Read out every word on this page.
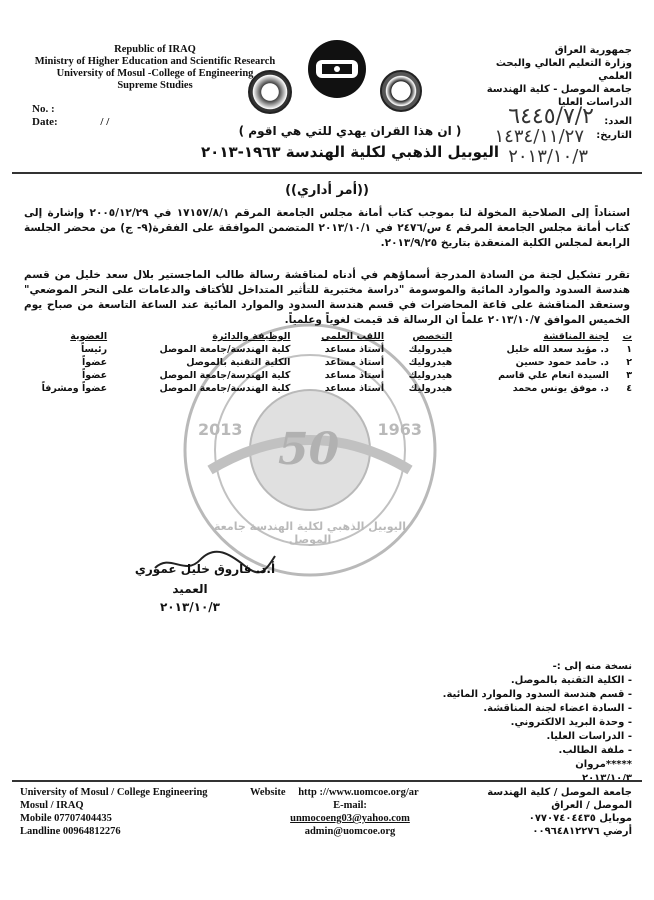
Republic of IRAQ
Ministry of Higher Education and Scientific Research
University of Mosul -College of Engineering
Supreme Studies
جمهورية العراق
وزارة التعليم العالي والبحث العلمي
جامعة الموصل - كلية الهندسة
الدراسات العليا
No. :
Date:	/ /	العدد:
التاريخ:
٦٤٤٥/٧/٢
١٤٣٤/١١/٢٧
٢٠١٣/١٠/٣
( ان هذا القران يهدي للتي هي اقوم )
اليوبيل الذهبي لكلية الهندسة ١٩٦٣-٢٠١٣
((أمر أداري))
2013	1963
50
اليوبيل الذهبي لكلية الهندسة جامعة الموصل
استناداً إلى الصلاحية المخولة لنا بموجب كتاب أمانة مجلس الجامعة المرقم ١٧١٥٧/٨/١ في ٢٠٠٥/١٢/٢٩ وإشارة إلى كتاب أمانة مجلس الجامعة المرقم ٤ س/٢٤٧٦ في ٢٠١٣/١٠/١ المتضمن الموافقة على الفقرة(٩- ج) من محضر الجلسة الرابعة لمجلس الكلية المنعقدة بتاريخ ٢٠١٣/٩/٢٥.
تقرر تشكيل لجنة من السادة المدرجة أسماؤهم في أدناه لمناقشة رسالة طالب الماجستير بلال سعد خليل من قسم هندسة السدود والموارد المائية والموسومة "دراسة مختبرية للتأثير المتداخل للأكتاف والدعامات على النحر الموضعي" وستعقد المناقشة على قاعة المحاضرات في قسم هندسة السدود والموارد المائية عند الساعة التاسعة من صباح يوم الخميس الموافق ٢٠١٣/١٠/٧ علماً ان الرسالة قد قيمت لغوياً وعلمياً.
ت	لجنة المناقشة	التخصص	اللقب العلمي	الوظيفة والدائرة	العضوية
١	د. مؤيد سعد الله خليل	هيدروليك	أستاذ مساعد	كلية الهندسة/جامعة الموصل	رئيساً
٢	د. حامد حمود حسين	هيدروليك	أستاذ مساعد	الكلية التقنية بالموصل	عضواً
٣	السيدة انعام علي قاسم	هيدروليك	أستاذ مساعد	كلية الهندسة/جامعة الموصل	عضواً
٤	د. موفق يونس محمد	هيدروليك	أستاذ مساعد	كلية الهندسة/جامعة الموصل	عضواً ومشرفاً
أ.د. فاروق خليل عموري
العميد
٢٠١٣/١٠/٣
نسخة منه إلى :-
- الكلية التقنية بالموصل.
- قسم هندسة السدود والموارد المائية.
- السادة اعضاء لجنة المناقشة.
- وحدة البريد الالكتروني.
- الدراسات العليا.
- ملفة الطالب.
*****مروان
٢٠١٣/١٠/٣
University of Mosul / College Engineering
Mosul / IRAQ
Mobile 07707404435
Landline 00964812276
Website http ://www.uomcoe.org/ar
E-mail:
unmocoeng03@yahoo.com
admin@uomcoe.org
جامعة الموصل / كلية الهندسة
الموصل / العراق
موبايل ٠٧٧٠٧٤٠٤٤٣٥
أرضي ٠٠٩٦٤٨١٢٢٧٦
